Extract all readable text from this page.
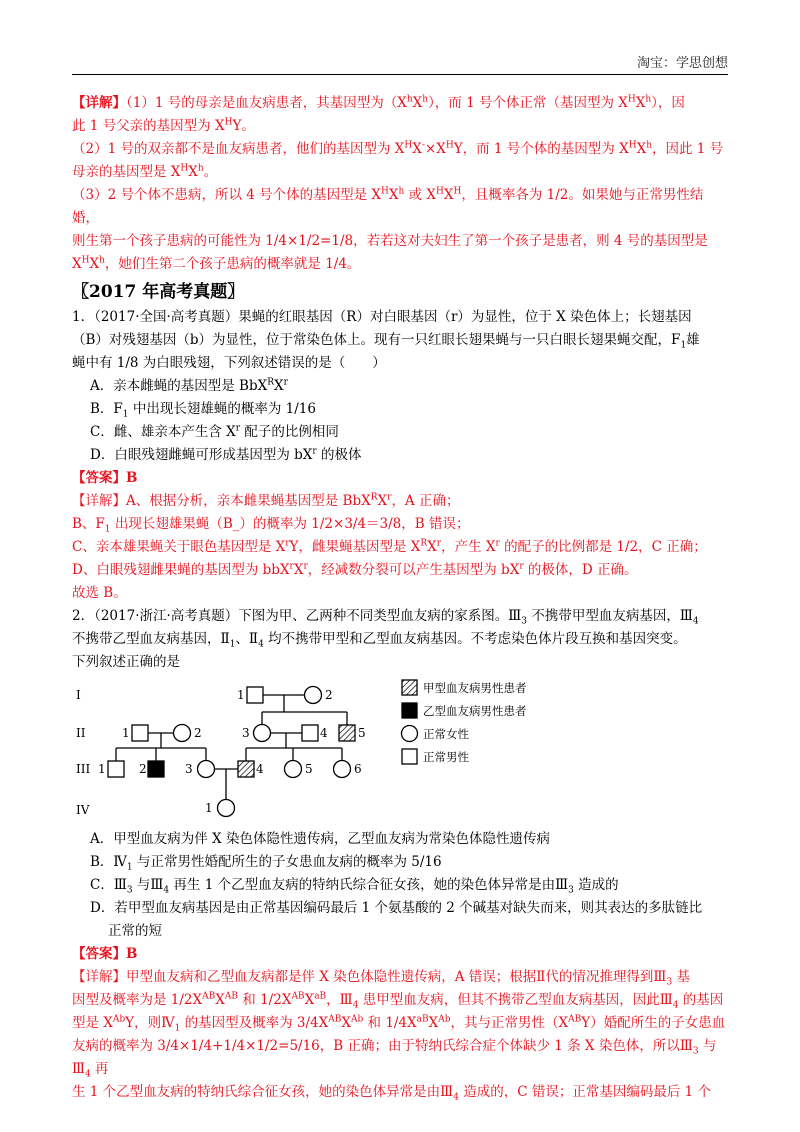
淘宝：学思创想

【详解】（1）1 号的母亲是血友病患者，其基因型为$(X^hX^h)$，而 1 号个体正常（基因型为 $X^HX^h$），因

此 1 号父亲的基因型为 $X^HY$。

（2）1 号的双亲都不是血友病患者，他们的基因型为 $X^HX^-\times X^HY$，而 1 号个体的基因型为 $X^HX^h$，因此 1 号

母亲的基因型是 $X^HX^h$。

（3）2 号个体不患病，所以 4 号个体的基因型是 $X^HX^h$ 或 $X^HX^H$，且概率各为 1/2。如果她与正常男性结婚，

则生第一个孩子患病的可能性为 1/4×1/2=1/8，若若这对夫妇生了第一个孩子是患者，则 4 号的基因型是

$X^HX^h$，她们生第二个孩子患病的概率就是 1/4。

〖2017 年高考真题〗

1．（2017·全国·高考真题）果蝇的红眼基因（R）对白眼基因（r）为显性，位于 X 染色体上；长翅基因

（B）对残翅基因（b）为显性，位于常染色体上。现有一只红眼长翅果蝇与一只白眼长翅果蝇交配，$F_1$雄

蝇中有 1/8 为白眼残翅，下列叙述错误的是（　　）

A．亲本雌蝇的基因型是 $BbX^RX^r$

B．$F_1$ 中出现长翅雄蝇的概率为 1/16

C．雌、雄亲本产生含 $X^r$ 配子的比例相同

D．白眼残翅雌蝇可形成基因型为 $bX^r$ 的极体

【答案】B

【详解】A、根据分析，亲本雌果蝇基因型是 $BbX^RX^r$，A 正确；

B、$F_1$ 出现长翅雄果蝇（B_）的概率为 1/2×3/4＝3/8，B 错误；

C、亲本雄果蝇关于眼色基因型是 $X^rY$，雌果蝇基因型是 $X^RX^r$，产生 $X^r$ 的配子的比例都是 1/2，C 正确；

D、白眼残翅雌果蝇的基因型为 $bbX^rX^r$，经减数分裂可以产生基因型为 $bX^r$ 的极体，D 正确。

故选 B。

2．（2017·浙江·高考真题）下图为甲、乙两种不同类型血友病的家系图。$Ⅲ_3$ 不携带甲型血友病基因，$Ⅲ_4$

不携带乙型血友病基因，$Ⅱ_1$、$Ⅱ_4$ 均不携带甲型和乙型血友病基因。不考虑染色体片段互换和基因突变。

下列叙述正确的是

I
II
III
IV
1	2
1	2	3	4	5
1	2	3	4	5	6
1
甲型血友病男性患者
乙型血友病男性患者
正常女性
正常男性

A．甲型血友病为伴 X 染色体隐性遗传病，乙型血友病为常染色体隐性遗传病

B．$Ⅳ_1$ 与正常男性婚配所生的子女患血友病的概率为 5/16

C．$Ⅲ_3$ 与$Ⅲ_4$ 再生 1 个乙型血友病的特纳氏综合征女孩，她的染色体异常是由$Ⅲ_3$ 造成的

D．若甲型血友病基因是由正常基因编码最后 1 个氨基酸的 2 个碱基对缺失而来，则其表达的多肽链比

正常的短

【答案】B

【详解】甲型血友病和乙型血友病都是伴 X 染色体隐性遗传病，A 错误；根据Ⅱ代的情况推理得到$Ⅲ_3$ 基

因型及概率为是 $1/2X^{AB}X^{AB}$ 和 $1/2X^{AB}X^{aB}$，$Ⅲ_4$ 患甲型血友病，但其不携带乙型血友病基因，因此$Ⅲ_4$ 的基因

型是 $X^{Ab}Y$，则$Ⅳ_1$ 的基因型及概率为 $3/4X^{AB}X^{Ab}$ 和 $1/4X^{aB}X^{Ab}$，其与正常男性$(X^{AB}Y)$婚配所生的子女患血

友病的概率为 3/4×1/4+1/4×1/2=5/16，B 正确；由于特纳氏综合症个体缺少 1 条 X 染色体，所以$Ⅲ_3$ 与$Ⅲ_4$ 再

生 1 个乙型血友病的特纳氏综合征女孩，她的染色体异常是由$Ⅲ_4$ 造成的，C 错误；正常基因编码最后 1 个
